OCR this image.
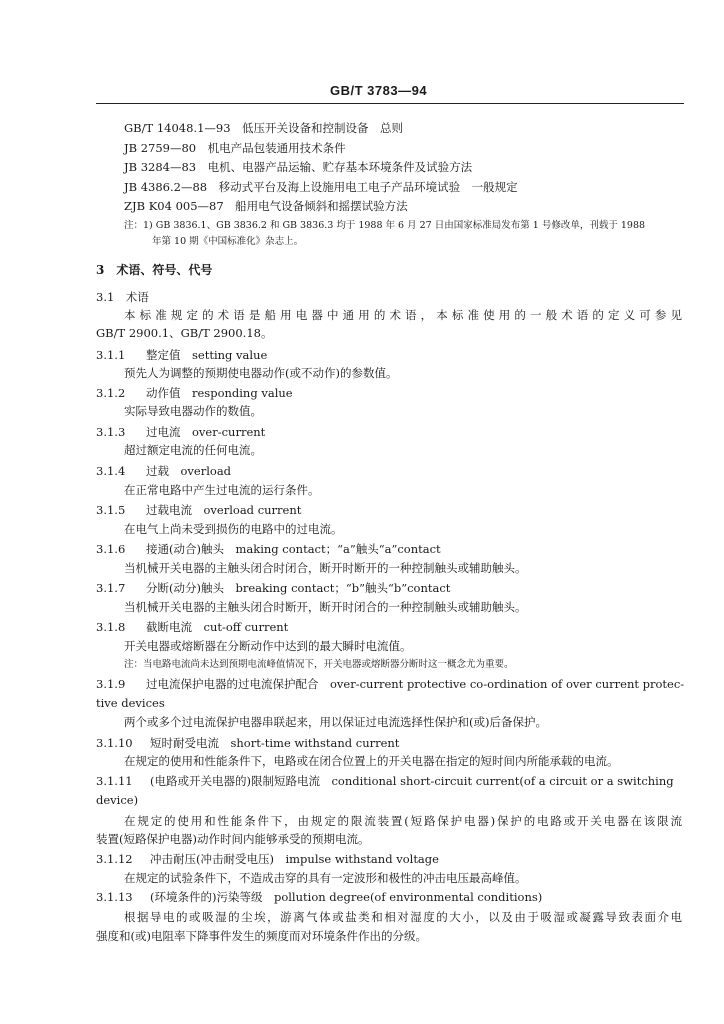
GB/T 3783—94
GB/T 14048.1—93　低压开关设备和控制设备　总则
JB 2759—80　机电产品包装通用技术条件
JB 3284—83　电机、电器产品运输、贮存基本环境条件及试验方法
JB 4386.2—88　移动式平台及海上设施用电工电子产品环境试验　一般规定
ZJB K04 005—87　船用电气设备倾斜和摇摆试验方法
注：1) GB 3836.1、GB 3836.2 和 GB 3836.3 均于 1988 年 6 月 27 日由国家标准局发布第 1 号修改单，刊载于 1988
年第 10 期《中国标准化》杂志上。
3　术语、符号、代号
3.1　术语
本标准规定的术语是船用电器中通用的术语，本标准使用的一般术语的定义可参见
GB/T 2900.1、GB/T 2900.18。
3.1.1 整定值　setting value
预先人为调整的预期使电器动作(或不动作)的参数值。
3.1.2 动作值　responding value
实际导致电器动作的数值。
3.1.3 过电流　over-current
超过额定电流的任何电流。
3.1.4 过载　overload
在正常电路中产生过电流的运行条件。
3.1.5 过载电流　overload current
在电气上尚未受到损伤的电路中的过电流。
3.1.6 接通(动合)触头　making contact；“a”触头“a”contact
当机械开关电器的主触头闭合时闭合，断开时断开的一种控制触头或辅助触头。
3.1.7 分断(动分)触头　breaking contact；“b”触头“b”contact
当机械开关电器的主触头闭合时断开，断开时闭合的一种控制触头或辅助触头。
3.1.8 截断电流　cut-off current
开关电器或熔断器在分断动作中达到的最大瞬时电流值。
注：当电路电流尚未达到预期电流峰值情况下，开关电器或熔断器分断时这一概念尤为重要。
3.1.9 过电流保护电器的过电流保护配合　over-current protective co-ordination of over current protec-
tive devices
两个或多个过电流保护电器串联起来，用以保证过电流选择性保护和(或)后备保护。
3.1.10 短时耐受电流　short-time withstand current
在规定的使用和性能条件下，电路或在闭合位置上的开关电器在指定的短时间内所能承载的电流。
3.1.11 (电路或开关电器的)限制短路电流　conditional short-circuit current(of a circuit or a switching
device)
在规定的使用和性能条件下，由规定的限流装置(短路保护电器)保护的电路或开关电器在该限流
装置(短路保护电器)动作时间内能够承受的预期电流。
3.1.12 冲击耐压(冲击耐受电压)　impulse withstand voltage
在规定的试验条件下，不造成击穿的具有一定波形和极性的冲击电压最高峰值。
3.1.13 (环境条件的)污染等级　pollution degree(of environmental conditions)
根据导电的或吸湿的尘埃，游离气体或盐类和相对湿度的大小，以及由于吸湿或凝露导致表面介电
强度和(或)电阻率下降事件发生的频度而对环境条件作出的分级。
